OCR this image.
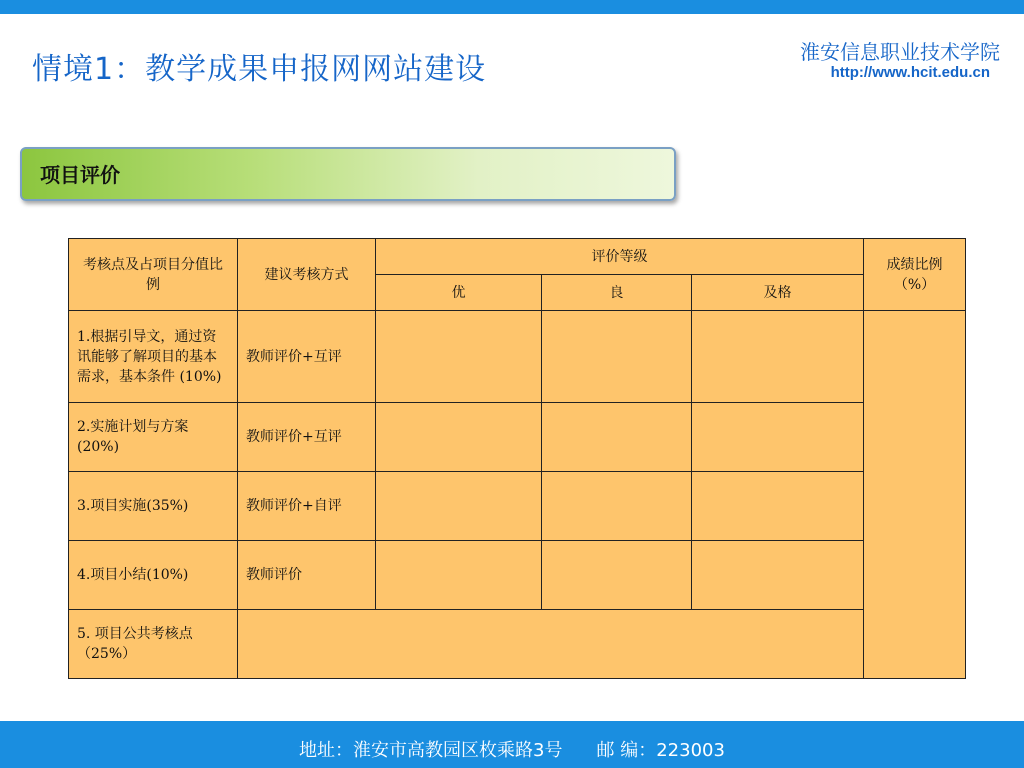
情境1：教学成果申报网网站建设	淮安信息职业技术学院
http://www.hcit.edu.cn
项目评价
考核点及占项目分值比例	建议考核方式	评价等级			成绩比例（%）
		优	良	及格	
1.根据引导文，通过资讯能够了解项目的基本需求，基本条件 (10%)	教师评价+互评				
2.实施计划与方案(20%)	教师评价+互评				
3.项目实施(35%)	教师评价+自评				
4.项目小结(10%)	教师评价				
5. 项目公共考核点（25%）					
地址：淮安市高教园区枚乘路3号 邮 编：223003
